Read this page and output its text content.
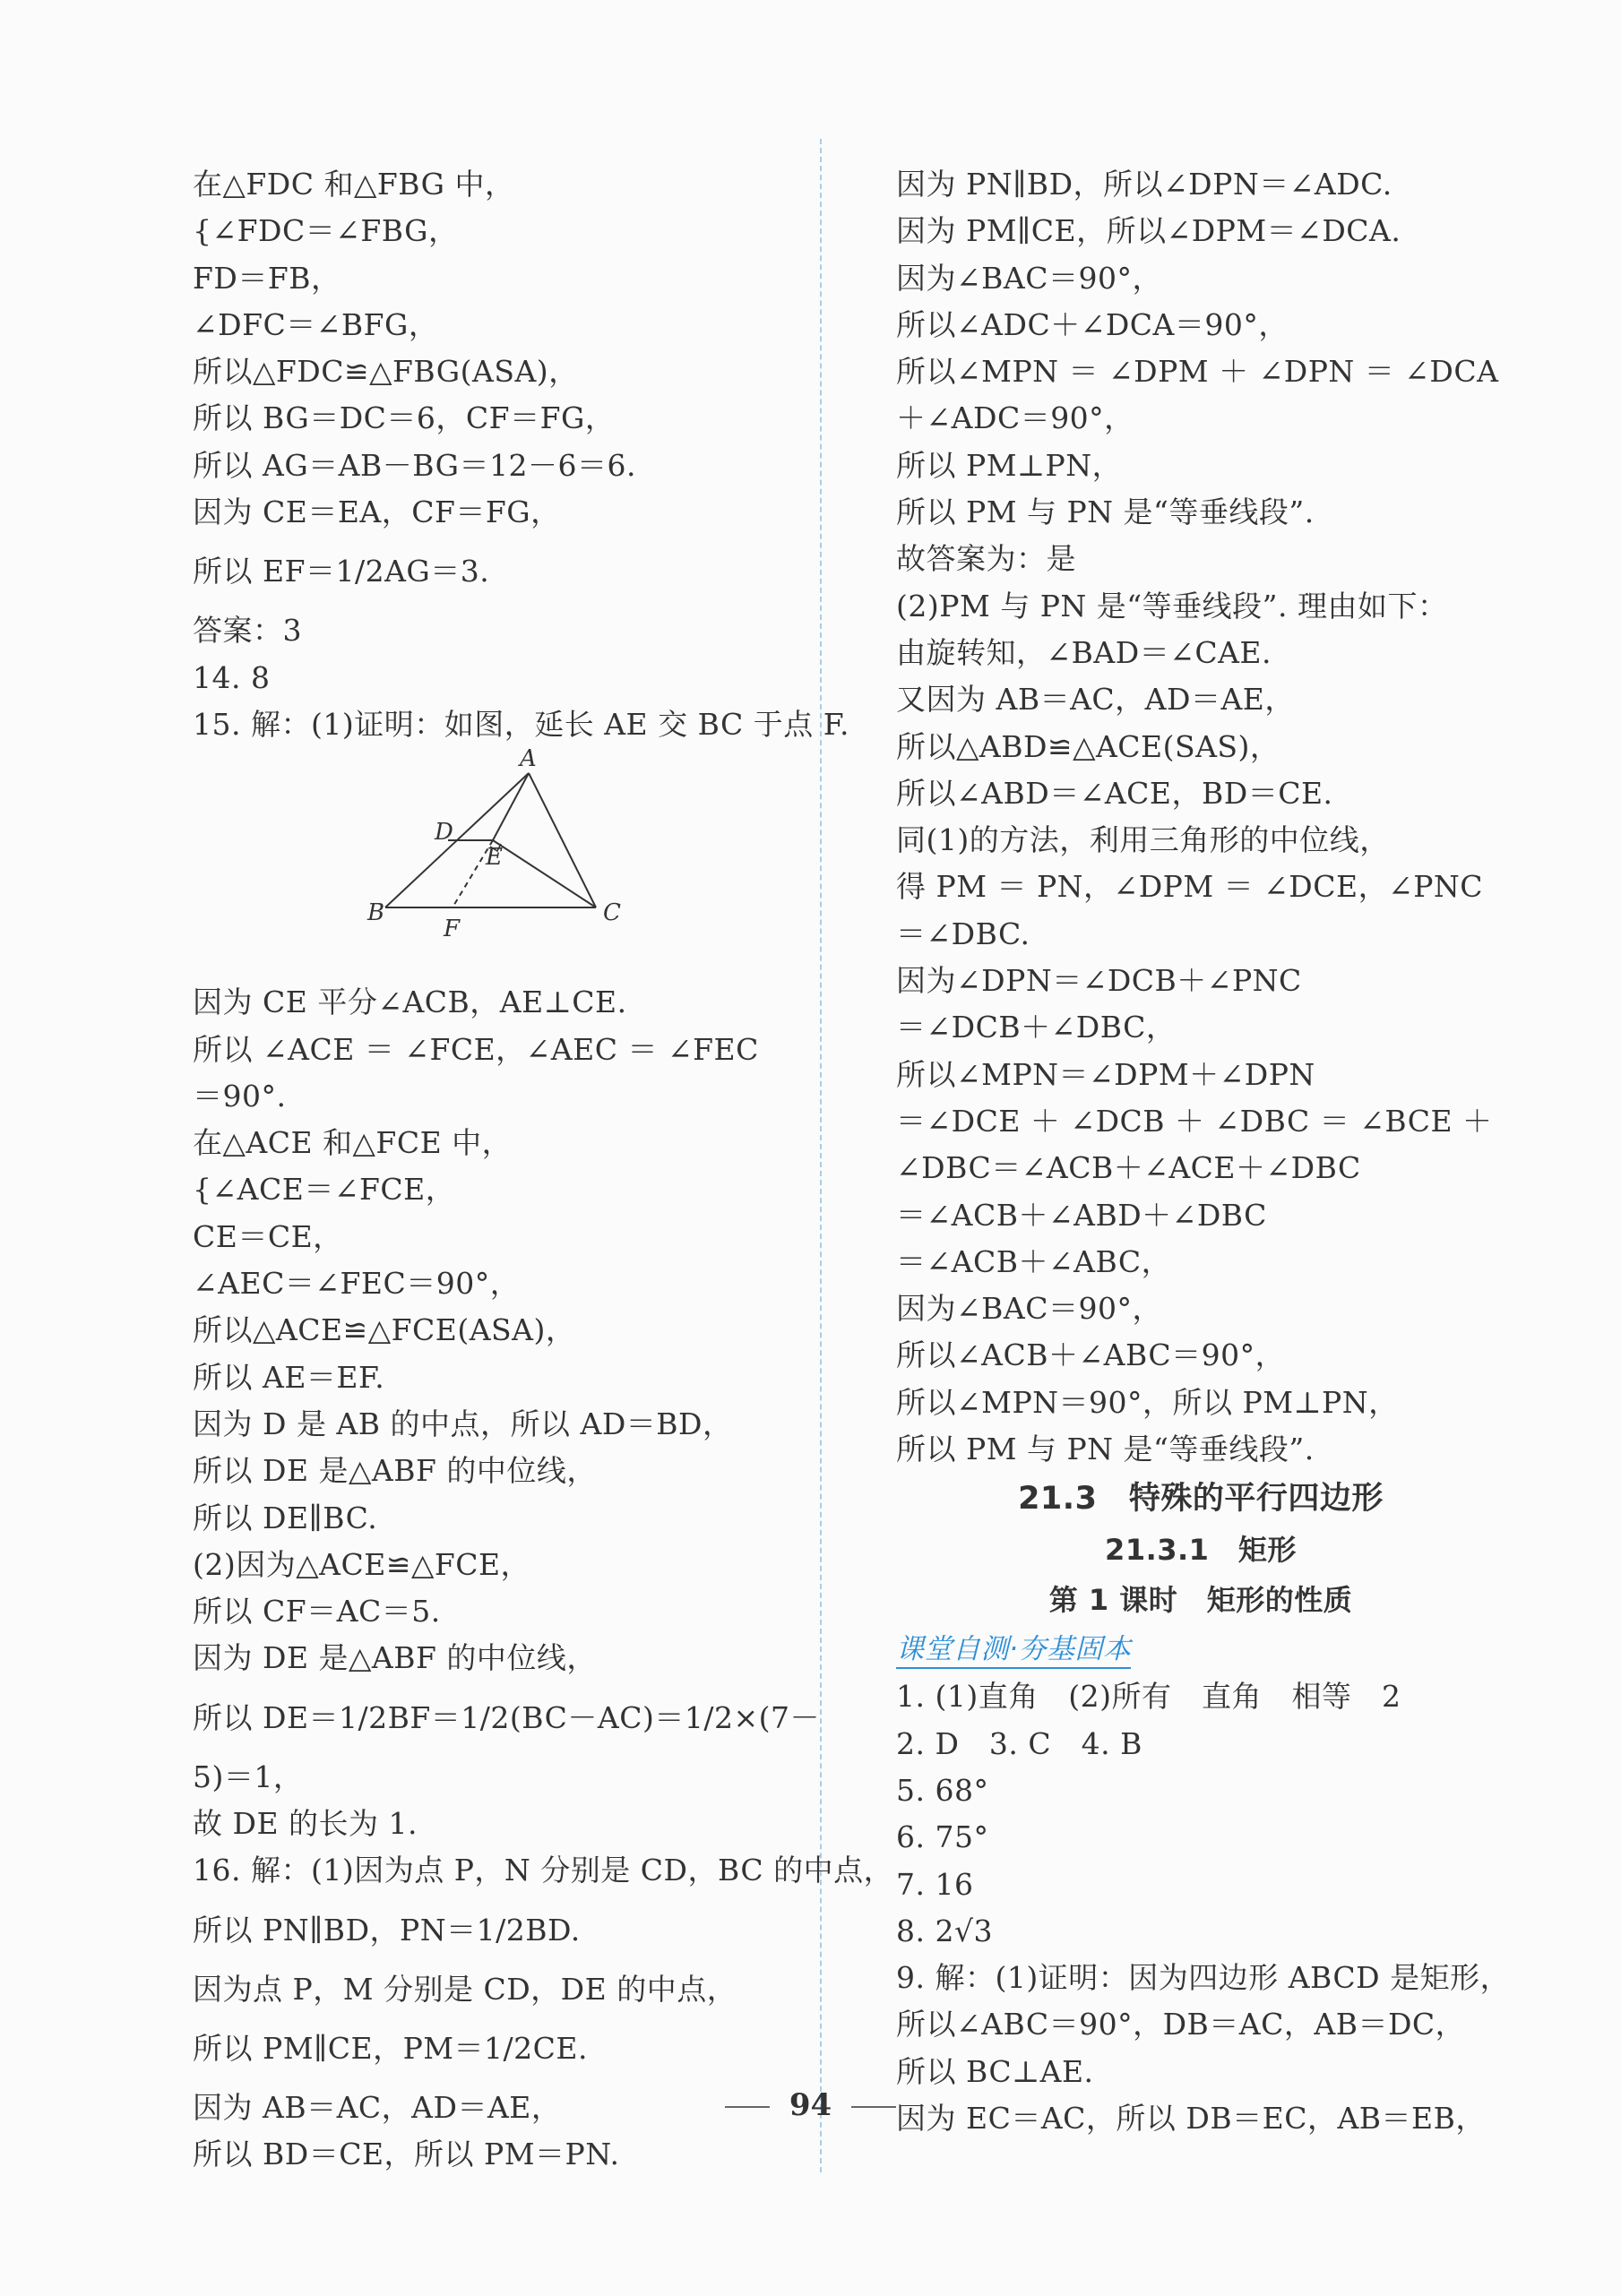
在△FDC 和△FBG 中，
{∠FDC＝∠FBG，
FD＝FB，
∠DFC＝∠BFG，
所以△FDC≌△FBG(ASA)，
所以 BG＝DC＝6，CF＝FG，
所以 AG＝AB－BG＝12－6＝6.
因为 CE＝EA，CF＝FG，
所以 EF＝1/2AG＝3.
答案：3
14. 8
15. 解：(1)证明：如图，延长 AE 交 BC 于点 F.
A
D
E
B	C
F
因为 CE 平分∠ACB，AE⊥CE.
所以 ∠ACE ＝ ∠FCE，∠AEC ＝ ∠FEC
＝90°.
在△ACE 和△FCE 中，
{∠ACE＝∠FCE，
CE＝CE，
∠AEC＝∠FEC＝90°，
所以△ACE≌△FCE(ASA)，
所以 AE＝EF.
因为 D 是 AB 的中点，所以 AD＝BD，
所以 DE 是△ABF 的中位线，
所以 DE∥BC.
(2)因为△ACE≌△FCE，
所以 CF＝AC＝5.
因为 DE 是△ABF 的中位线，
所以 DE＝1/2BF＝1/2(BC－AC)＝1/2×(7－
5)＝1，
故 DE 的长为 1.
16. 解：(1)因为点 P，N 分别是 CD，BC 的中点，
所以 PN∥BD，PN＝1/2BD.
因为点 P，M 分别是 CD，DE 的中点，
所以 PM∥CE，PM＝1/2CE.
因为 AB＝AC，AD＝AE，
所以 BD＝CE，所以 PM＝PN.
因为 PN∥BD，所以∠DPN＝∠ADC.
因为 PM∥CE，所以∠DPM＝∠DCA.
因为∠BAC＝90°，
所以∠ADC＋∠DCA＝90°，
所以∠MPN ＝ ∠DPM ＋ ∠DPN ＝ ∠DCA
＋∠ADC＝90°，
所以 PM⊥PN，
所以 PM 与 PN 是“等垂线段”.
故答案为：是
(2)PM 与 PN 是“等垂线段”. 理由如下：
由旋转知，∠BAD＝∠CAE.
又因为 AB＝AC，AD＝AE，
所以△ABD≌△ACE(SAS)，
所以∠ABD＝∠ACE，BD＝CE.
同(1)的方法，利用三角形的中位线，
得 PM ＝ PN，∠DPM ＝ ∠DCE，∠PNC
＝∠DBC.
因为∠DPN＝∠DCB＋∠PNC
＝∠DCB＋∠DBC，
所以∠MPN＝∠DPM＋∠DPN
＝∠DCE ＋ ∠DCB ＋ ∠DBC ＝ ∠BCE ＋
∠DBC＝∠ACB＋∠ACE＋∠DBC
＝∠ACB＋∠ABD＋∠DBC
＝∠ACB＋∠ABC，
因为∠BAC＝90°，
所以∠ACB＋∠ABC＝90°，
所以∠MPN＝90°，所以 PM⊥PN，
所以 PM 与 PN 是“等垂线段”.
21.3　特殊的平行四边形
21.3.1　矩形
第 1 课时　矩形的性质
课堂自测·夯基固本
1. (1)直角　(2)所有　直角　相等　2
2. D　3. C　4. B
5. 68°
6. 75°
7. 16
8. 2√3
9. 解：(1)证明：因为四边形 ABCD 是矩形，
所以∠ABC＝90°，DB＝AC，AB＝DC，
所以 BC⊥AE.
因为 EC＝AC，所以 DB＝EC，AB＝EB，
94
